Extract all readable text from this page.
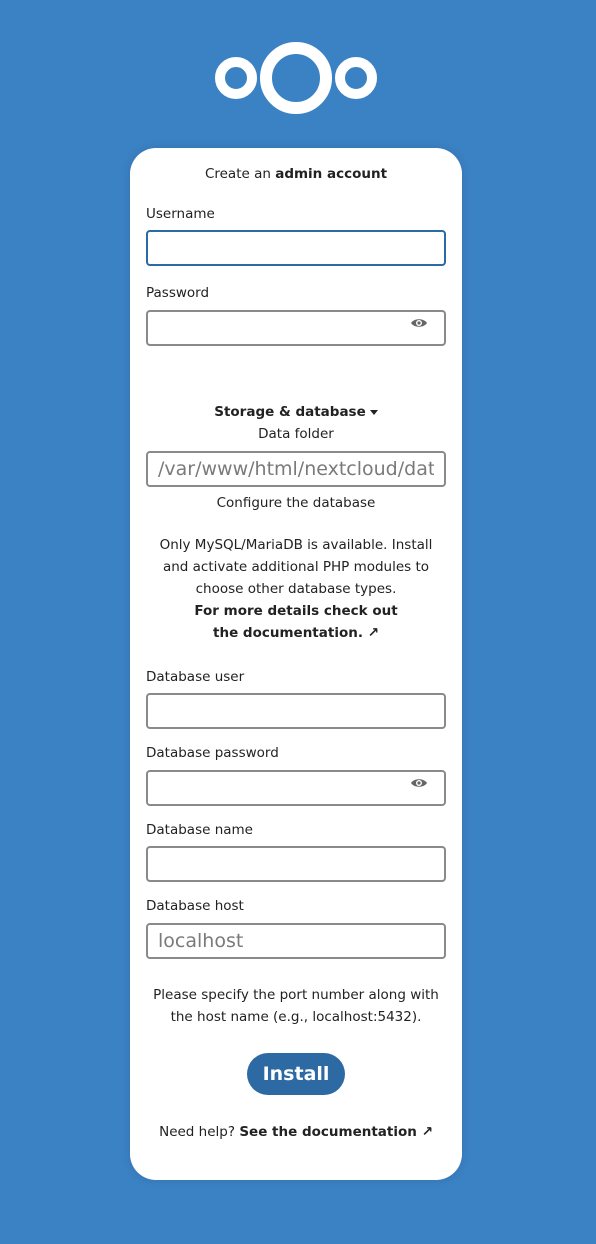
Create an admin account
Username
Password
Storage & database
Data folder
/var/www/html/nextcloud/data
Configure the database
Only MySQL/MariaDB is available. Install and activate additional PHP modules to choose other database types.
For more details check out the documentation. ↗
Database user
Database password
Database name
Database host
localhost
Please specify the port number along with the host name (e.g., localhost:5432).
Install
Need help? See the documentation ↗
